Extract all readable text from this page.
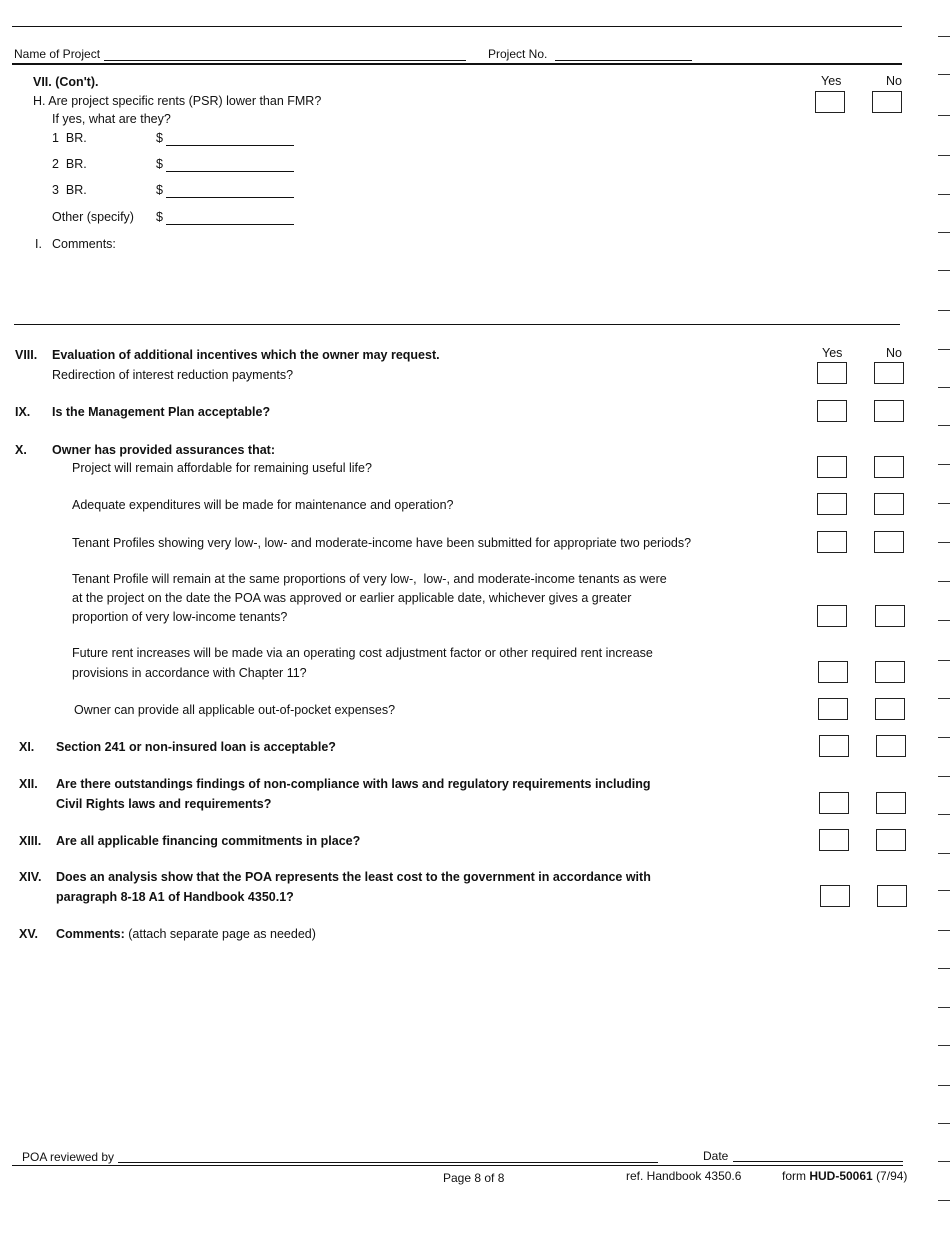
Name of Project	Project No.
VII. (Con't).
H. Are project specific rents (PSR) lower than FMR?
If yes, what are they?
1  BR.	$
2  BR.	$
3  BR.	$
Other (specify) $
I. Comments:
Yes	No
VIII. Evaluation of additional incentives which the owner may request.
Redirection of interest reduction payments?
Yes	No
IX. Is the Management Plan acceptable?
X. Owner has provided assurances that:
Project will remain affordable for remaining useful life?
Adequate expenditures will be made for maintenance and operation?
Tenant Profiles showing very low-, low- and moderate-income have been submitted for appropriate two periods?
Tenant Profile will remain at the same proportions of very low-,  low-, and moderate-income tenants as were
at the project on the date the POA was approved or earlier applicable date, whichever gives a greater
proportion of very low-income tenants?
Future rent increases will be made via an operating cost adjustment factor or other required rent increase
provisions in accordance with Chapter 11?
Owner can provide all applicable out-of-pocket expenses?
XI. Section 241 or non-insured loan is acceptable?
XII. Are there outstandings findings of non-compliance with laws and regulatory requirements including
Civil Rights laws and requirements?
XIII. Are all applicable financing commitments in place?
XIV. Does an analysis show that the POA represents the least cost to the government in accordance with
paragraph 8-18 A1 of Handbook 4350.1?
XV. Comments: (attach separate page as needed)
POA reviewed by	Date
Page 8 of 8	ref. Handbook 4350.6	form HUD-50061 (7/94)
